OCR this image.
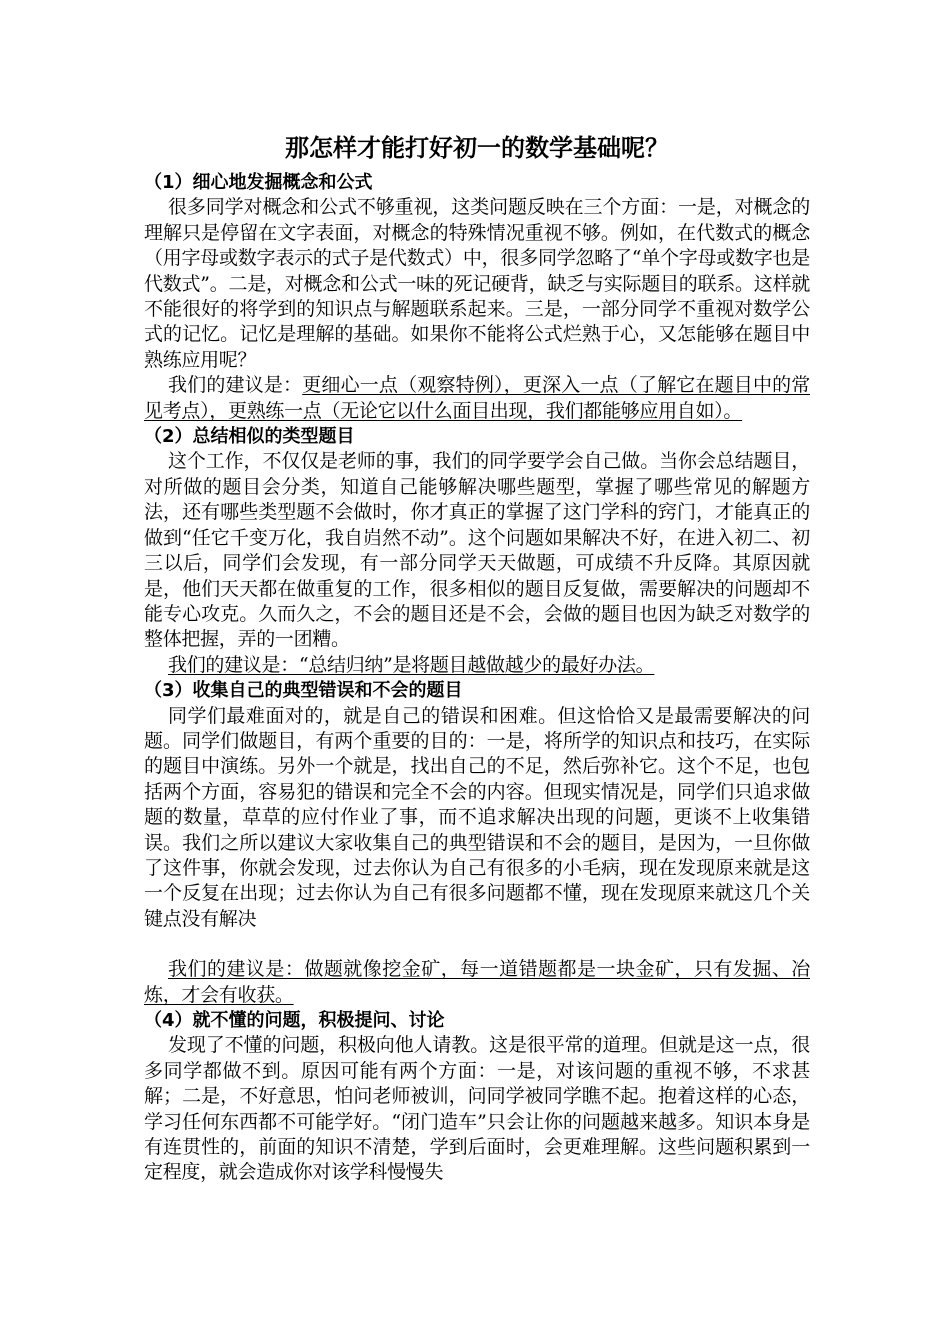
那怎样才能打好初一的数学基础呢？

（1）细心地发掘概念和公式

很多同学对概念和公式不够重视，这类问题反映在三个方面：一是，对概念的理解只是停留在文字表面，对概念的特殊情况重视不够。例如，在代数式的概念（用字母或数字表示的式子是代数式）中，很多同学忽略了“单个字母或数字也是代数式”。二是，对概念和公式一味的死记硬背，缺乏与实际题目的联系。这样就不能很好的将学到的知识点与解题联系起来。三是，一部分同学不重视对数学公式的记忆。记忆是理解的基础。如果你不能将公式烂熟于心，又怎能够在题目中熟练应用呢？

我们的建议是：更细心一点（观察特例），更深入一点（了解它在题目中的常见考点），更熟练一点（无论它以什么面目出现，我们都能够应用自如）。

（2）总结相似的类型题目

这个工作，不仅仅是老师的事，我们的同学要学会自己做。当你会总结题目，对所做的题目会分类，知道自己能够解决哪些题型，掌握了哪些常见的解题方法，还有哪些类型题不会做时，你才真正的掌握了这门学科的窍门，才能真正的做到“任它千变万化，我自岿然不动”。这个问题如果解决不好，在进入初二、初三以后，同学们会发现，有一部分同学天天做题，可成绩不升反降。其原因就是，他们天天都在做重复的工作，很多相似的题目反复做，需要解决的问题却不能专心攻克。久而久之，不会的题目还是不会，会做的题目也因为缺乏对数学的整体把握，弄的一团糟。

我们的建议是：“总结归纳”是将题目越做越少的最好办法。

（3）收集自己的典型错误和不会的题目

同学们最难面对的，就是自己的错误和困难。但这恰恰又是最需要解决的问题。同学们做题目，有两个重要的目的：一是，将所学的知识点和技巧，在实际的题目中演练。另外一个就是，找出自己的不足，然后弥补它。这个不足，也包括两个方面，容易犯的错误和完全不会的内容。但现实情况是，同学们只追求做题的数量，草草的应付作业了事，而不追求解决出现的问题，更谈不上收集错误。我们之所以建议大家收集自己的典型错误和不会的题目，是因为，一旦你做了这件事，你就会发现，过去你认为自己有很多的小毛病，现在发现原来就是这一个反复在出现；过去你认为自己有很多问题都不懂，现在发现原来就这几个关键点没有解决

我们的建议是：做题就像挖金矿，每一道错题都是一块金矿，只有发掘、冶炼，才会有收获。

（4）就不懂的问题，积极提问、讨论

发现了不懂的问题，积极向他人请教。这是很平常的道理。但就是这一点，很多同学都做不到。原因可能有两个方面：一是，对该问题的重视不够，不求甚解；二是，不好意思，怕问老师被训，问同学被同学瞧不起。抱着这样的心态，学习任何东西都不可能学好。“闭门造车”只会让你的问题越来越多。知识本身是有连贯性的，前面的知识不清楚，学到后面时，会更难理解。这些问题积累到一定程度，就会造成你对该学科慢慢失
